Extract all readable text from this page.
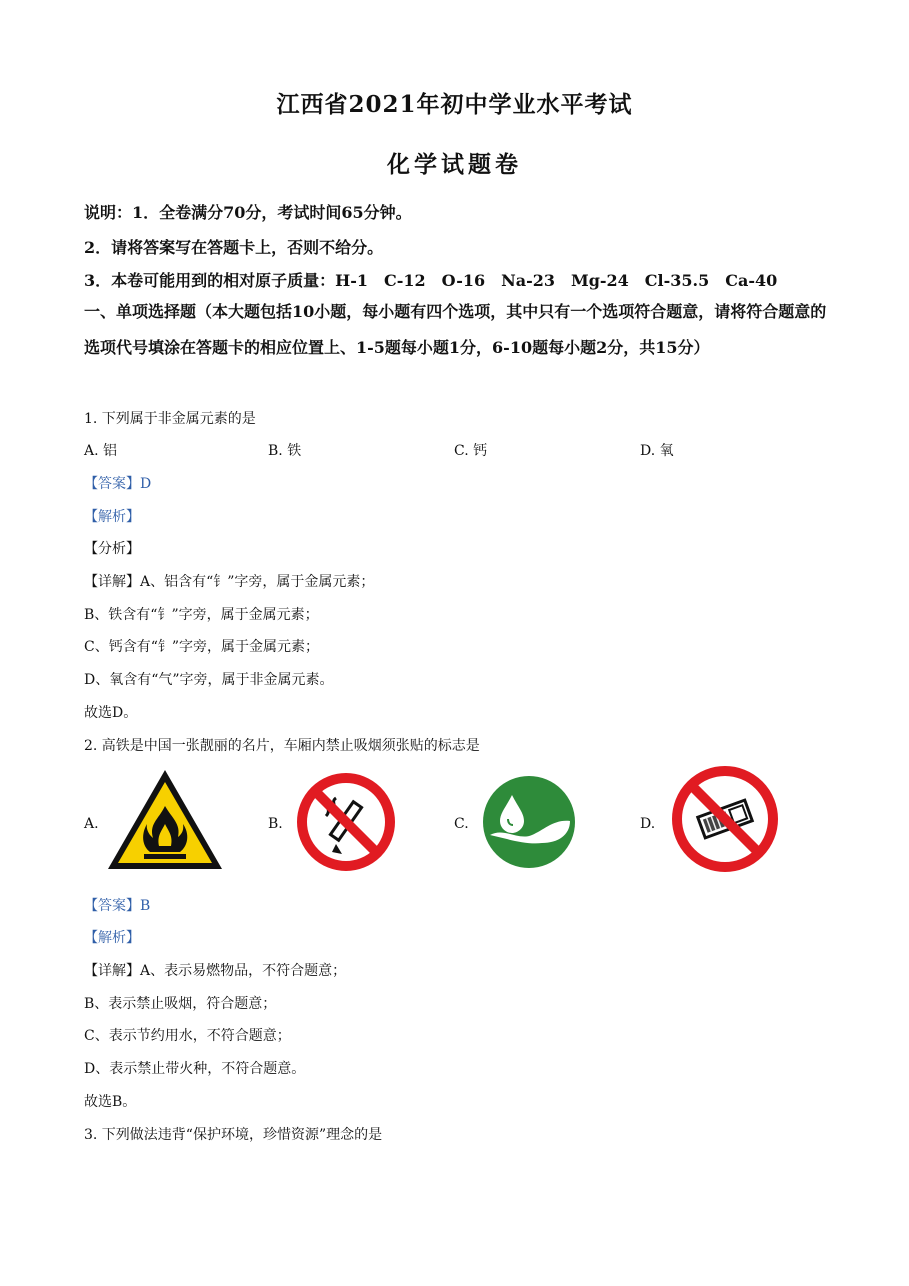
江西省2021年初中学业水平考试
化学试题卷
说明：1．全卷满分70分，考试时间65分钟。
2．请将答案写在答题卡上，否则不给分。
3．本卷可能用到的相对原子质量：H-1　C-12　O-16　Na-23　Mg-24　Cl-35.5　Ca-40
一、单项选择题（本大题包括10小题，每小题有四个选项，其中只有一个选项符合题意，请将符合题意的选项代号填涂在答题卡的相应位置上、1-5题每小题1分，6-10题每小题2分，共15分）
1. 下列属于非金属元素的是
A. 铝	B. 铁	C. 钙	D. 氧
【答案】D
【解析】
【分析】
【详解】A、铝含有“钅”字旁，属于金属元素；
B、铁含有“钅”字旁，属于金属元素；
C、钙含有“钅”字旁，属于金属元素；
D、氧含有“气”字旁，属于非金属元素。
故选D。
2. 高铁是中国一张靓丽的名片，车厢内禁止吸烟须张贴的标志是
A.	B.	C.	D.
【答案】B
【解析】
【详解】A、表示易燃物品，不符合题意；
B、表示禁止吸烟，符合题意；
C、表示节约用水，不符合题意；
D、表示禁止带火种，不符合题意。
故选B。
3. 下列做法违背“保护环境，珍惜资源”理念的是
